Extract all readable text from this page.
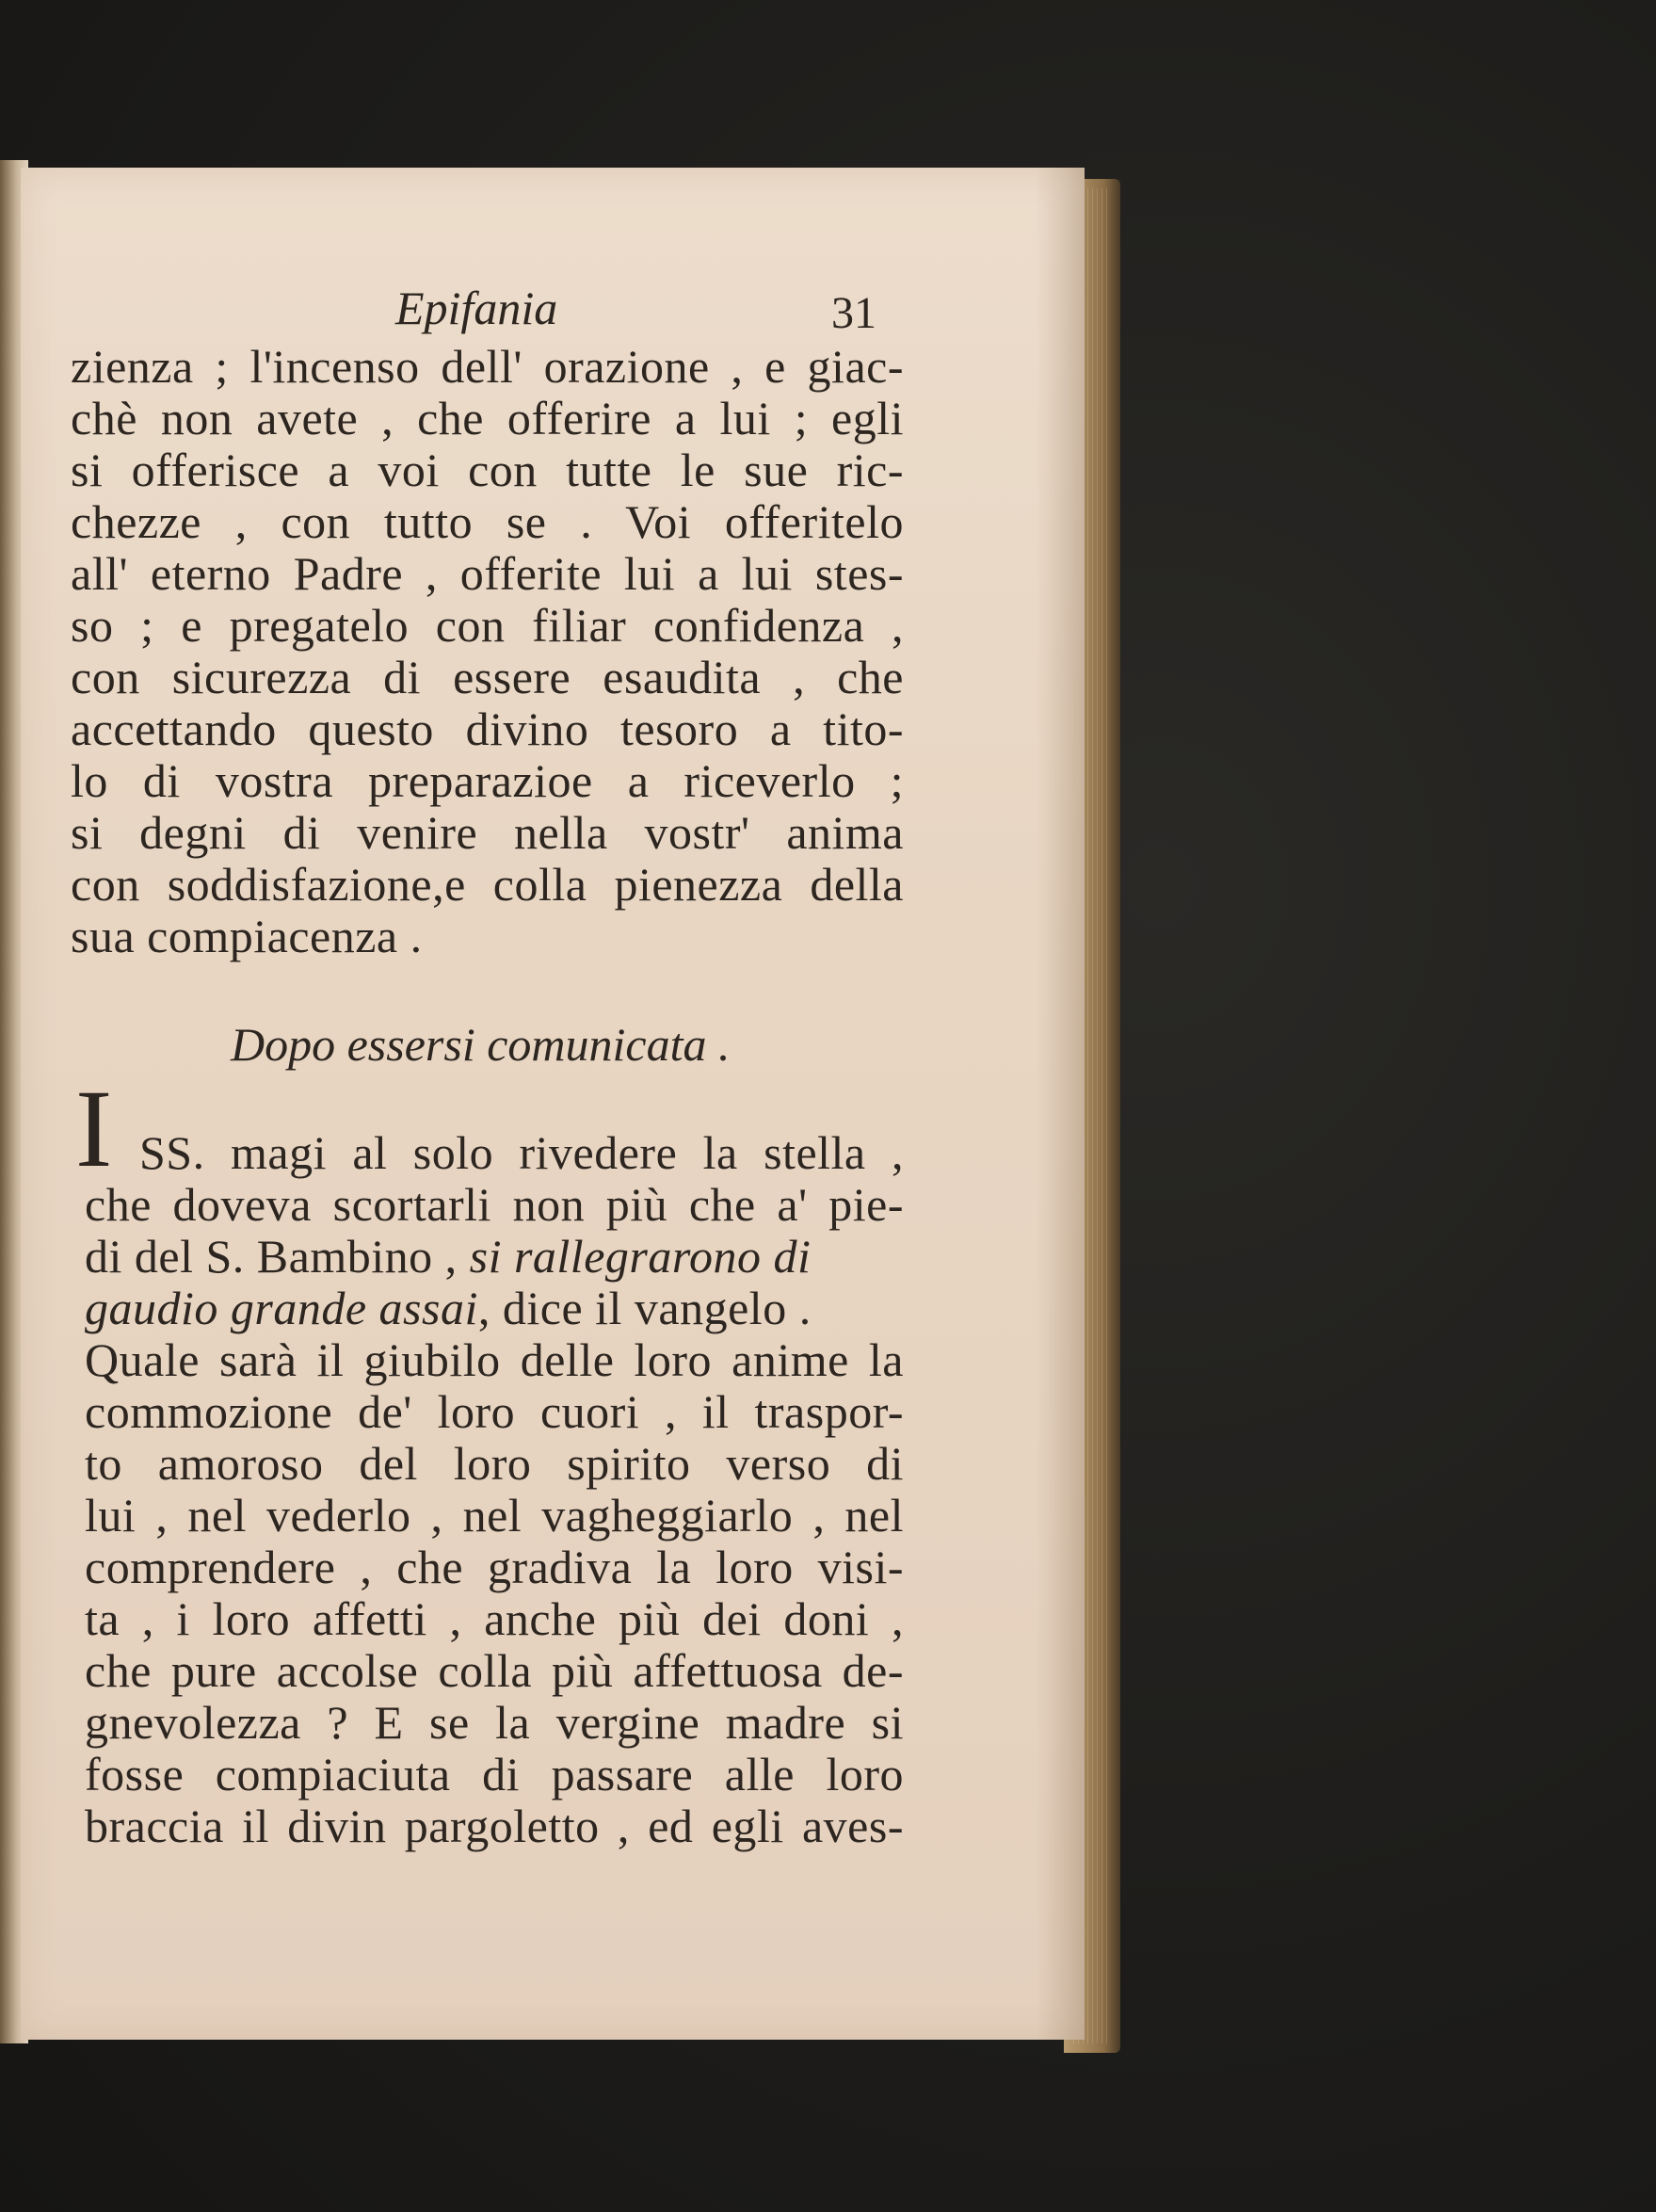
Epifania	31
zienza ; l'incenso dell' orazione , e giac-
chè non avete , che offerire a lui ; egli
si offerisce a voi con tutte le sue ric-
chezze , con tutto se . Voi offeritelo
all' eterno Padre , offerite lui a lui stes-
so ; e pregatelo con filiar confidenza ,
con sicurezza di essere esaudita , che
accettando questo divino tesoro a tito-
lo di vostra preparazioe a riceverlo ;
si degni di venire nella vostr' anima
con soddisfazione,e colla pienezza della
sua compiacenza .
Dopo essersi comunicata .
I SS. magi al solo rivedere la stella ,
che doveva scortarli non più che a' pie-
di del S. Bambino , si rallegrarono di
gaudio grande assai, dice il vangelo .
Quale sarà il giubilo delle loro anime la
commozione de' loro cuori , il traspor-
to amoroso del loro spirito verso di
lui , nel vederlo , nel vagheggiarlo , nel
comprendere , che gradiva la loro visi-
ta , i loro affetti , anche più dei doni ,
che pure accolse colla più affettuosa de-
gnevolezza ? E se la vergine madre si
fosse compiaciuta di passare alle loro
braccia il divin pargoletto , ed egli aves-
